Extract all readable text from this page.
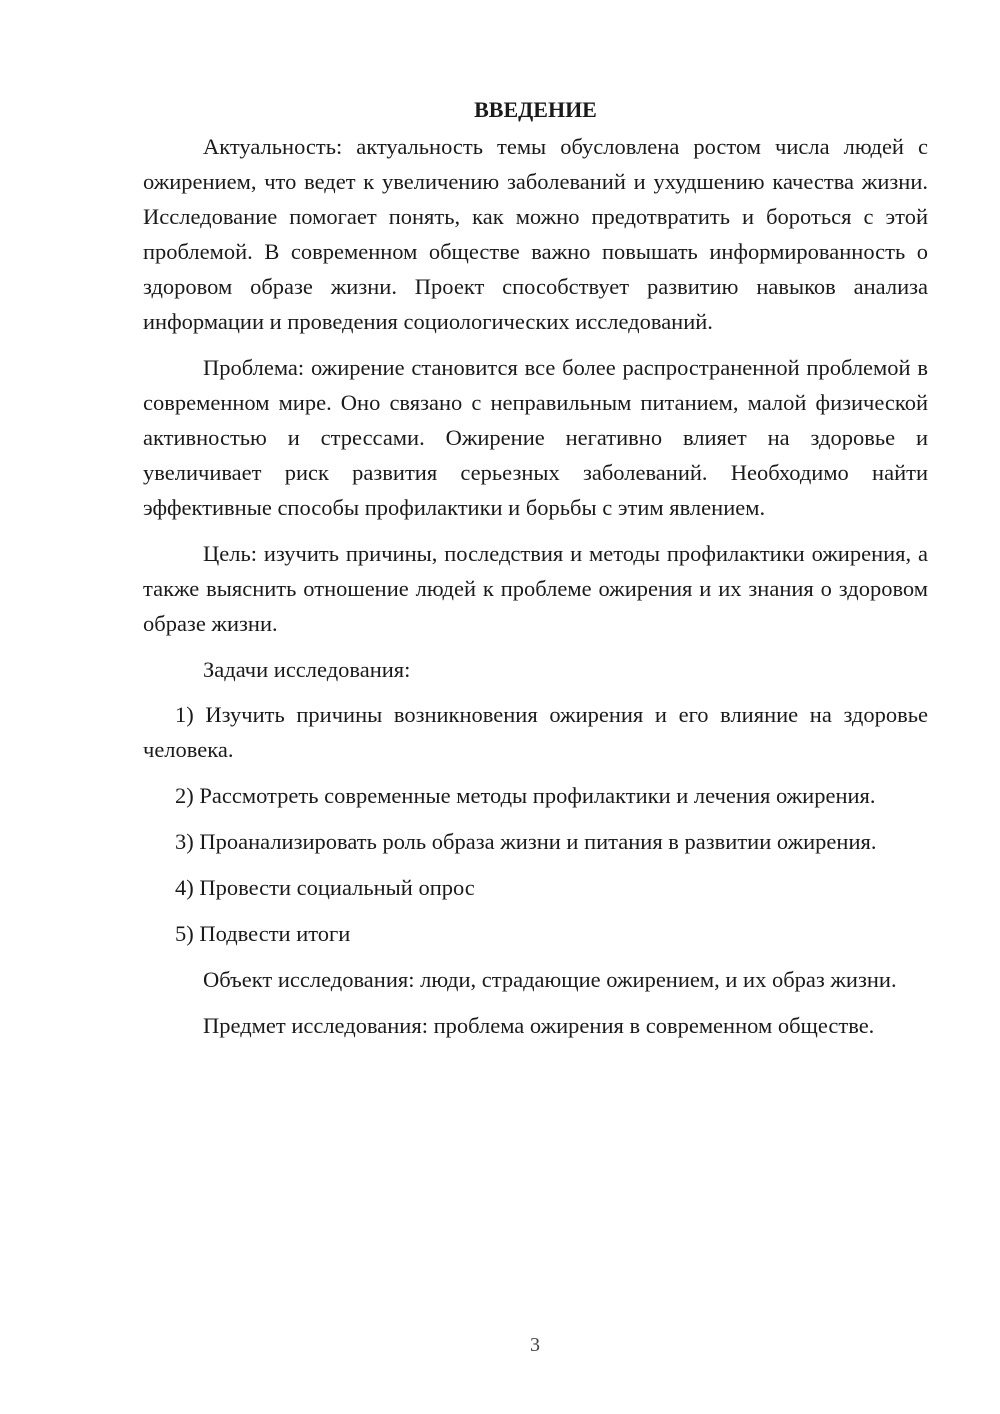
ВВЕДЕНИЕ

Актуальность: актуальность темы обусловлена ростом числа людей с ожирением, что ведет к увеличению заболеваний и ухудшению качества жизни. Исследование помогает понять, как можно предотвратить и бороться с этой проблемой. В современном обществе важно повышать информированность о здоровом образе жизни. Проект способствует развитию навыков анализа информации и проведения социологических исследований.

Проблема: ожирение становится все более распространенной проблемой в современном мире. Оно связано с неправильным питанием, малой физической активностью и стрессами. Ожирение негативно влияет на здоровье и увеличивает риск развития серьезных заболеваний. Необходимо найти эффективные способы профилактики и борьбы с этим явлением.

Цель: изучить причины, последствия и методы профилактики ожирения, а также выяснить отношение людей к проблеме ожирения и их знания о здоровом образе жизни.

Задачи исследования:

1) Изучить причины возникновения ожирения и его влияние на здоровье человека.

2) Рассмотреть современные методы профилактики и лечения ожирения.

3) Проанализировать роль образа жизни и питания в развитии ожирения.

4) Провести социальный опрос

5) Подвести итоги

Объект исследования: люди, страдающие ожирением, и их образ жизни.

Предмет исследования: проблема ожирения в современном обществе.

3
